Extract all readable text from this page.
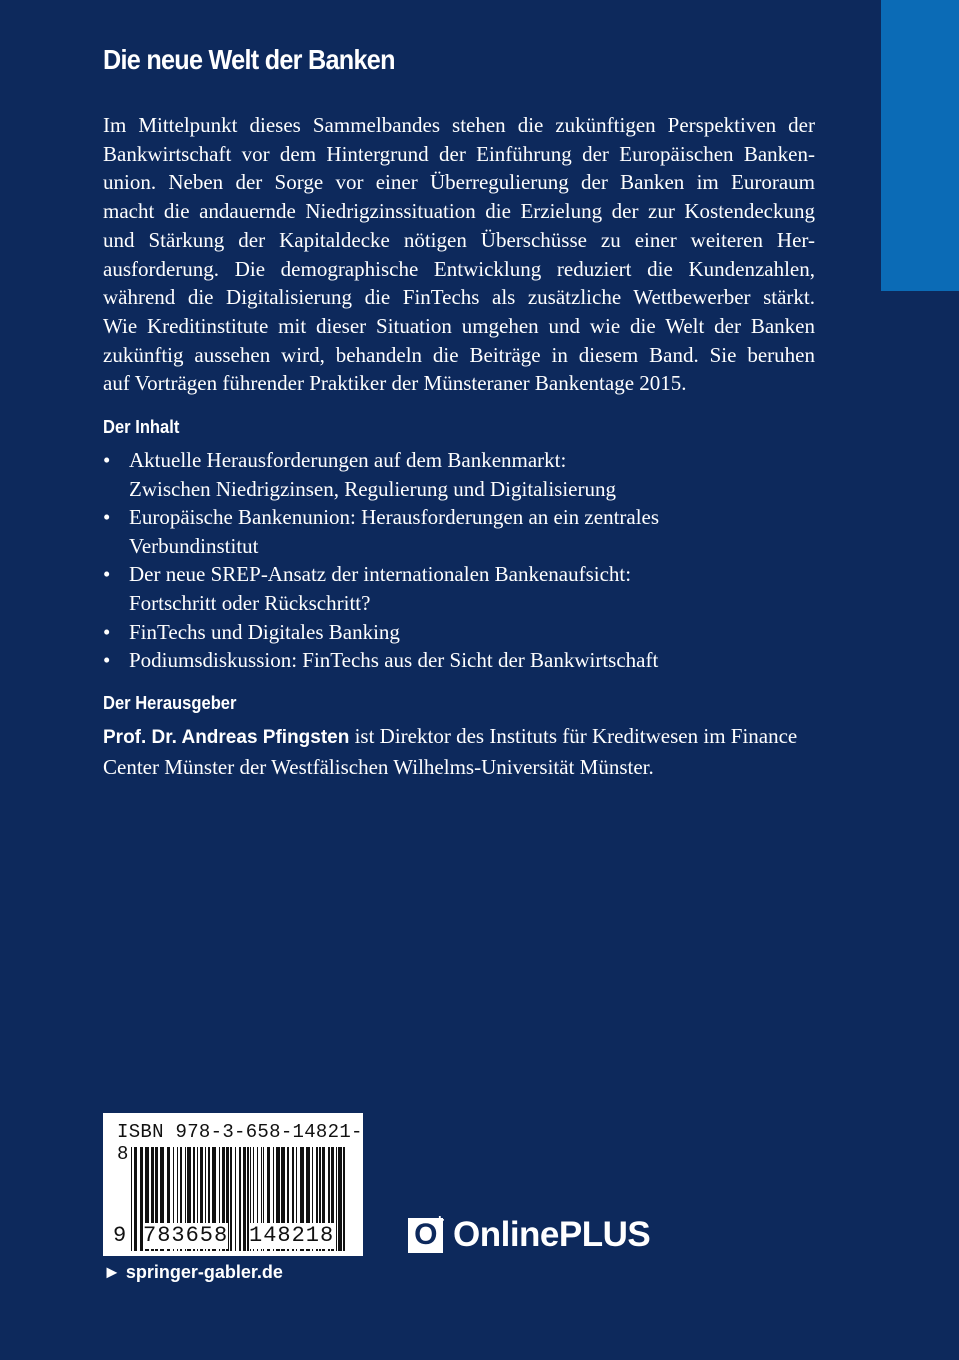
Die neue Welt der Banken
Im Mittelpunkt dieses Sammelbandes stehen die zukünftigen Perspektiven der
Bankwirtschaft vor dem Hintergrund der Einführung der Europäischen Banken-
union. Neben der Sorge vor einer Überregulierung der Banken im Euroraum
macht die andauernde Niedrigzinssituation die Erzielung der zur Kostendeckung
und Stärkung der Kapitaldecke nötigen Überschüsse zu einer weiteren Her-
ausforderung. Die demographische Entwicklung reduziert die Kundenzahlen,
während die Digitalisierung die FinTechs als zusätzliche Wettbewerber stärkt.
Wie Kreditinstitute mit dieser Situation umgehen und wie die Welt der Banken
zukünftig aussehen wird, behandeln die Beiträge in diesem Band. Sie beruhen
auf Vorträgen führender Praktiker der Münsteraner Bankentage 2015.
Der Inhalt
• Aktuelle Herausforderungen auf dem Bankenmarkt:
Zwischen Niedrigzinsen, Regulierung und Digitalisierung
• Europäische Bankenunion: Herausforderungen an ein zentrales
Verbundinstitut
• Der neue SREP-Ansatz der internationalen Bankenaufsicht:
Fortschritt oder Rückschritt?
• FinTechs und Digitales Banking
• Podiumsdiskussion: FinTechs aus der Sicht der Bankwirtschaft
Der Herausgeber
Prof. Dr. Andreas Pfingsten ist Direktor des Instituts für Kreditwesen im Finance
Center Münster der Westfälischen Wilhelms-Universität Münster.
ISBN 978-3-658-14821-8
9 783658 148218
► springer-gabler.de
O
+ OnlinePLUS
